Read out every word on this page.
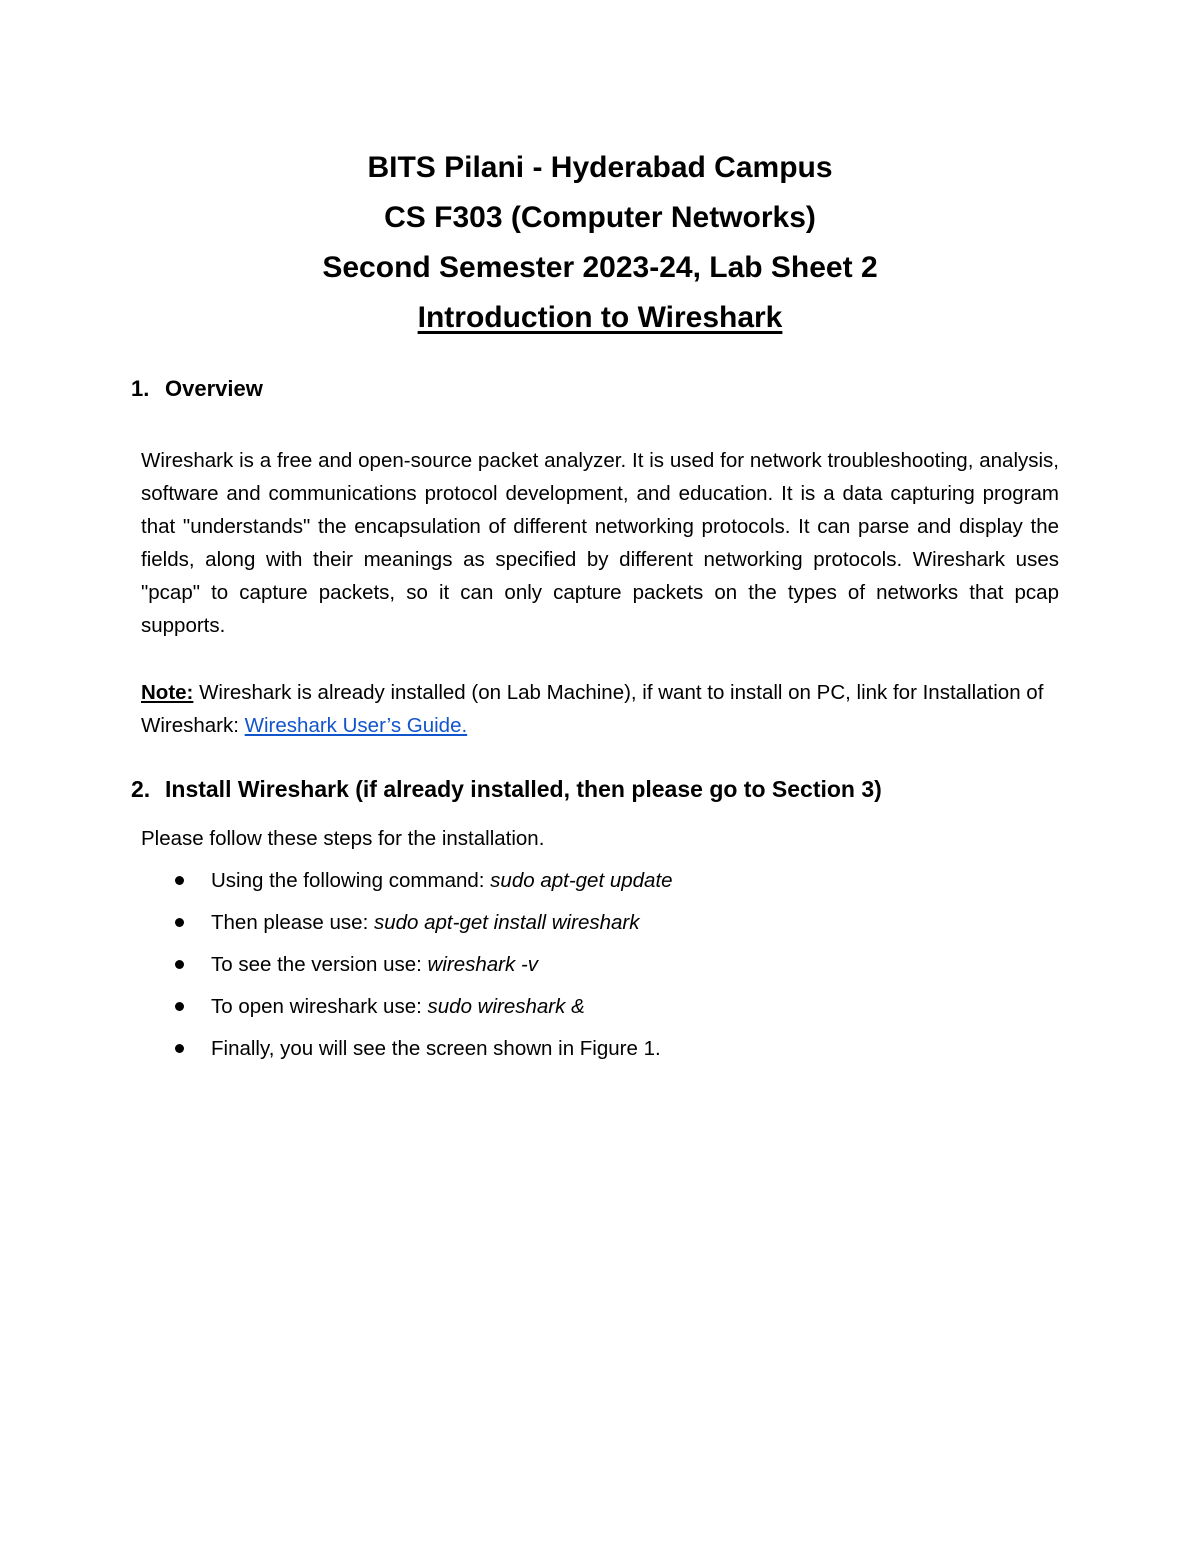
BITS Pilani - Hyderabad Campus
CS F303 (Computer Networks)
Second Semester 2023-24, Lab Sheet 2
Introduction to Wireshark
1. Overview
Wireshark is a free and open-source packet analyzer. It is used for network troubleshooting, analysis, software and communications protocol development, and education. It is a data capturing program that "understands" the encapsulation of different networking protocols. It can parse and display the fields, along with their meanings as specified by different networking protocols. Wireshark uses "pcap" to capture packets, so it can only capture packets on the types of networks that pcap supports.
Note: Wireshark is already installed (on Lab Machine), if want to install on PC, link for Installation of Wireshark: Wireshark User’s Guide.
2. Install Wireshark (if already installed, then please go to Section 3)
Please follow these steps for the installation.
Using the following command: sudo apt-get update
Then please use: sudo apt-get install wireshark
To see the version use: wireshark -v
To open wireshark use: sudo wireshark &
Finally, you will see the screen shown in Figure 1.
